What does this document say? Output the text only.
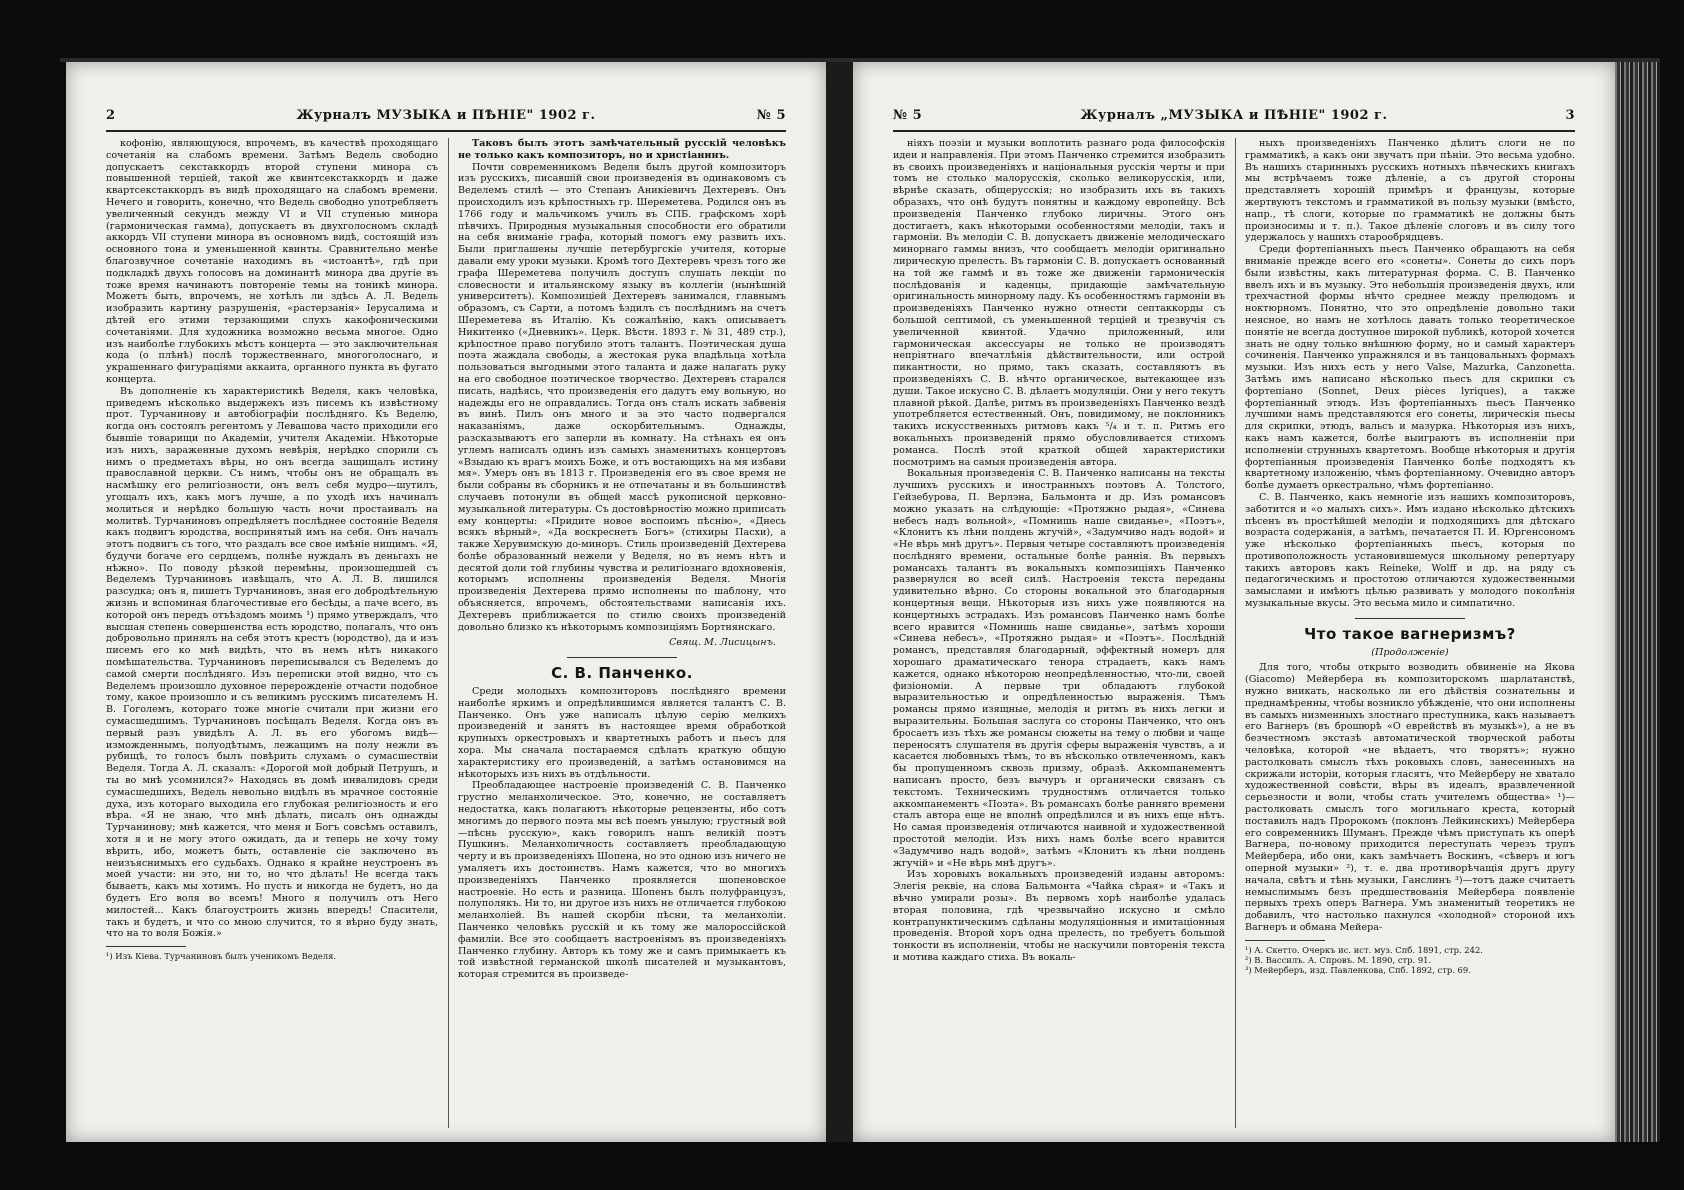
2	Журналъ МУЗЫКА и ПѢНІЕ" 1902 г.	№ 5

кофонію, являющуюся, впрочемъ, въ качествѣ проходящаго сочетанія на слабомъ времени. Затѣмъ Ведель свободно допускаетъ секстаккордъ второй ступени минора съ повышенной терціей, такой же квинтсекстаккордъ и даже квартсекстаккордъ въ видѣ проходящаго на слабомъ времени. Нечего и говорить, конечно, что Ведель свободно употребляетъ увеличенный секундъ между VI и VII ступенью минора (гармоническая гамма), допускаетъ въ двухголосномъ складѣ аккордъ VII ступени минора въ основномъ видѣ, состоящій изъ основного тона и уменьшенной квинты. Сравнительно менѣе благозвучное сочетаніе находимъ въ «истоантѣ», гдѣ при подкладкѣ двухъ голосовъ на доминантѣ минора два другіе въ тоже время начинаютъ повтореніе темы на тоникѣ минора. Можетъ быть, впрочемъ, не хотѣлъ ли здѣсь А. Л. Ведель изобразить картину разрушенія, «растерзанія» Іерусалима и дѣтей его этими терзающими слухъ какофоническими сочетаніями. Для художника возможно весьма многое. Одно изъ наиболѣе глубокихъ мѣстъ концерта — это заключительная кода (о плѣнѣ) послѣ торжественнаго, многоголоснаго, и украшеннаго фигураціями аккаита, органного пункта въ фугато концерта.

Въ дополненіе къ характеристикѣ Веделя, какъ человѣка, приведемъ нѣсколько выдержекъ изъ писемъ къ извѣстному прот. Турчанинову и автобіографіи послѣдняго. Къ Веделю, когда онъ состоялъ регентомъ у Левашова часто приходили его бывшіе товарищи по Академіи, учителя Академіи. Нѣкоторые изъ нихъ, зараженные духомъ невѣрія, нерѣдко спорили съ нимъ о предметахъ вѣры, но онъ всегда защищалъ истину православной церкви. Съ нимъ, чтобы онъ не обращалъ въ насмѣшку его религіозности, онъ велъ себя мудро—шутилъ, угощалъ ихъ, какъ могъ лучше, а по уходѣ ихъ начиналъ молиться и нерѣдко большую часть ночи простаивалъ на молитвѣ. Турчаниновъ опредѣляетъ послѣднее состояніе Веделя какъ подвигъ юродства, воспринятый имъ на себя. Онъ началъ этотъ подвигъ съ того, что раздалъ все свое имѣніе нищимъ. «Я, будучи богаче его сердцемъ, полнѣе нуждалъ въ деньгахъ не нѣжно». По поводу рѣзкой перемѣны, произошедшей съ Веделемъ Турчаниновъ извѣщалъ, что А. Л. В. лишился разсудка; онъ я, пишетъ Турчаниновъ, зная его добродѣтельную жизнь и вспоминая благочестивые его бесѣды, а паче всего, въ которой онъ передъ отъѣздомъ моимъ ¹) прямо утверждалъ, что высшая степень совершенства есть юродство, полагалъ, что онъ добровольно принялъ на себя этотъ крестъ (юродство), да и изъ писемъ его ко мнѣ видѣть, что въ немъ нѣтъ никакого помѣшательства. Турчаниновъ переписывался съ Веделемъ до самой смерти послѣдняго. Изъ переписки этой видно, что съ Веделемъ произошло духовное перерожденіе отчасти подобное тому, какое произошло и съ великимъ русскимъ писателемъ Н. В. Гоголемъ, котораго тоже многіе считали при жизни его сумасшедшимъ. Турчаниновъ посѣщалъ Веделя. Когда онъ въ первый разъ увидѣлъ А. Л. въ его убогомъ видѣ—изможденнымъ, полуодѣтымъ, лежащимъ на полу нежли въ рубищѣ, то голосъ былъ повѣрить слухамъ о сумасшествіи Веделя. Тогда А. Л. сказалъ: «Дорогой мой добрый Петрушъ, и ты во мнѣ усомнился?» Находясь въ домѣ инвалидовъ среди сумасшедшихъ, Ведель невольно видѣлъ въ мрачное состояніе духа, изъ котораго выходила его глубокая религіозность и его вѣра. «Я не знаю, что мнѣ дѣлать, писалъ онъ однажды Турчанинову; мнѣ кажется, что меня и Богъ совсѣмъ оставилъ, хотя я и не могу этого ожидать, да и теперь не хочу тому вѣрить, ибо, можетъ быть, оставленіе сіе заключено въ неизъяснимыхъ его судьбахъ. Однако я крайне неустроенъ въ моей участи: ни это, ни то, но что дѣлать! Не всегда такъ бываетъ, какъ мы хотимъ. Но пусть и никогда не будетъ, но да будетъ Его воля во всемъ! Много я получилъ отъ Него милостей... Какъ благоустроить жизнь впередъ! Спасители, такъ и будетъ, и что со мною случится, то я вѣрно буду знать, что на то воля Божія.»

¹) Изъ Кіева. Турчаниновъ былъ ученикомъ Веделя.

Таковъ былъ этотъ замѣчательный русскій человѣкъ не только какъ композиторъ, но и христіанинъ.

Почти современникомъ Веделя былъ другой композиторъ изъ русскихъ, писавшій свои произведенія въ одинаковомъ съ Веделемъ стилѣ — это Степанъ Аникіевичъ Дехтеревъ. Онъ происходилъ изъ крѣпостныхъ гр. Шереметева. Родился онъ въ 1766 году и мальчикомъ училъ въ СПБ. графскомъ хорѣ пѣвчихъ. Природныя музыкальныя способности его обратили на себя вниманіе графа, который помогъ ему развить ихъ. Были приглашены лучшіе петербургскіе учителя, которые давали ему уроки музыки. Кромѣ того Дехтеревъ чрезъ того же графа Шереметева получилъ доступъ слушать лекціи по словесности и итальянскому языку въ коллегіи (нынѣшній университетъ). Композиціей Дехтеревъ занимался, главнымъ образомъ, съ Сарти, а потомъ ѣздилъ съ послѣднимъ на счетъ Шереметева въ Италію. Къ сожалѣнію, какъ описываетъ Никитенко («Дневникъ». Церк. Вѣстн. 1893 г. № 31, 489 стр.), крѣпостное право погубило этотъ талантъ. Поэтическая душа поэта жаждала свободы, а жестокая рука владѣльца хотѣла пользоваться выгодными этого таланта и даже налагать руку на его свободное поэтическое творчество. Дехтеревъ старался писать, надѣясь, что произведенія его дадутъ ему вольную, но надежды его не оправдались. Тогда онъ сталъ искать забвенія въ винѣ. Пилъ онъ много и за это часто подвергался наказаніямъ, даже оскорбительнымъ. Однажды, разсказываютъ его заперли въ комнату. На стѣнахъ ея онъ углемъ написалъ одинъ изъ самыхъ знаменитыхъ концертовъ «Взыдаю къ врагъ моихъ Боже, и отъ востающихъ на мя избави мя». Умеръ онъ въ 1813 г. Произведенія его въ свое время не были собраны въ сборникъ и не отпечатаны и въ большинствѣ случаевъ потонули въ общей массѣ рукописной церковно-музыкальной литературы. Съ достовѣрностію можно приписать ему концерты: «Придите новое воспоимъ пѣснію», «Днесь всякъ вѣрный», «Да воскреснетъ Богъ» (стихиры Пасхи), а также Херувимскую до-миноръ. Стиль произведеній Дехтерева болѣе образованный нежели у Веделя, но въ немъ нѣтъ и десятой доли той глубины чувства и религіознаго вдохновенія, которымъ исполнены произведенія Веделя. Многія произведенія Дехтерева прямо исполнены по шаблону, что объясняется, впрочемъ, обстоятельствами написанія ихъ. Дехтеревъ приближается по стилю своихъ произведеній довольно близко къ нѣкоторымъ композиціямъ Бортнянскаго.

Свящ. М. Лисицынъ.
С. В. Панченко.

Среди молодыхъ композиторовъ послѣдняго времени наиболѣе яркимъ и опредѣлившимся является талантъ С. В. Панченко. Онъ уже написалъ цѣлую серію мелкихъ произведеній и занятъ въ настоящее время обработкой крупныхъ оркестровыхъ и квартетныхъ работъ и пьесъ для хора. Мы сначала постараемся сдѣлать краткую общую характеристику его произведеній, а затѣмъ остановимся на нѣкоторыхъ изъ нихъ въ отдѣльности.

Преобладающее настроеніе произведеній С. В. Панченко грустно меланхолическое. Это, конечно, не составляетъ недостатка, какъ полагаютъ нѣкоторые рецензенты, ибо сотъ многимъ до первого поэта мы всѣ поемъ унылую; грустный вой—пѣснь русскую», какъ говорилъ нашъ великій поэтъ Пушкинъ. Меланхоличность составляетъ преобладающую черту и въ произведеніяхъ Шопена, но это одною изъ ничего не умаляетъ ихъ достоинствъ. Намъ кажется, что во многихъ произведеніяхъ Панченко проявляется шопеновское настроеніе. Но есть и разница. Шопенъ былъ полуфранцузъ, полуполякъ. Ни то, ни другое изъ нихъ не отличается глубокою меланхоліей. Въ нашей скорбіи пѣсни, та меланхоліи. Панченко человѣкъ русскій и къ тому же малороссійской фамиліи. Все это сообщаетъ настроеніямъ въ произведеніяхъ Панченко глубину. Авторъ къ тому же и самъ примыкаетъ къ той извѣстной германской школѣ писателей и музыкантовъ, которая стремится въ произведе-

№ 5	Журналъ „МУЗЫКА и ПѢНІЕ" 1902 г.	3

ніяхъ поэзіи и музыки воплотить разнаго рода философскія идеи и направленія. При этомъ Панченко стремится изобразить въ своихъ произведеніяхъ и національныя русскія черты и при томъ не столько малорусскія, сколько великорусскія, или, вѣрнѣе сказать, общерусскія; но изобразить ихъ въ такихъ образахъ, что онѣ будутъ понятны и каждому европейцу. Всѣ произведенія Панченко глубоко лиричны. Этого онъ достигаетъ, какъ нѣкоторыми особенностями мелодіи, такъ и гармоніи. Въ мелодіи С. В. допускаетъ движеніе мелодическаго минорнаго гаммы внизъ, что сообщаетъ мелодіи оригинально лирическую прелесть. Въ гармоніи С. В. допускаетъ основанный на той же гаммѣ и въ тоже же движеніи гармоническія послѣдованія и каденцы, придающіе замѣчательную оригинальность минорному ладу. Къ особенностямъ гармоніи въ произведеніяхъ Панченко нужно отнести септаккорды съ большой септимой, съ уменьшенной терціей и трезвучія съ увеличенной квинтой. Удачно приложенный, или гармоническая аксессуары не только не производятъ непріятнаго впечатлѣнія дѣйствительности, или острой пикантности, но прямо, такъ сказать, составляютъ въ произведеніяхъ С. В. нѣчто органическое, вытекающее изъ души. Такое искусно С. В. дѣлаетъ модуляціи. Они у него текутъ плавной рѣкой. Далѣе, ритмъ въ произведеніяхъ Панченко вездѣ употребляется естественный. Онъ, повидимому, не поклонникъ такихъ искусственныхъ ритмовъ какъ ⁵/₄ и т. п. Ритмъ его вокальныхъ произведеній прямо обусловливается стихомъ романса. Послѣ этой краткой общей характеристики посмотримъ на самыя произведенія автора.

Вокальныя произведенія С. В. Панченко написаны на тексты лучшихъ русскихъ и иностранныхъ поэтовъ А. Толстого, Гейзебурова, П. Верлэна, Бальмонта и др. Изъ романсовъ можно указать на слѣдующіе: «Протяжно рыдая», «Синева небесъ надъ вольной», «Помнишь наше свиданье», «Поэтъ», «Клонитъ къ лѣни полдень жгучій», «Задумчиво надъ водой» и «Не вѣрь мнѣ другъ». Первыя четыре составляютъ произведенія послѣдняго времени, остальные болѣе раннія. Въ первыхъ романсахъ талантъ въ вокальныхъ композиціяхъ Панченко развернулся во всей силѣ. Настроенія текста переданы удивительно вѣрно. Со стороны вокальной это благодарныя концертныя вещи. Нѣкоторыя изъ нихъ уже появляются на концертныхъ эстрадахъ. Изъ романсовъ Панченко намъ болѣе всего нравится «Помнишь наше свиданье», затѣмъ хороши «Синева небесъ», «Протяжно рыдая» и «Поэтъ». Послѣдній романсъ, представляя благодарный, эффектный номеръ для хорошаго драматическаго тенора страдаетъ, какъ намъ кажется, однако нѣкоторою неопредѣленностью, что-ли, своей физіономіи. А первые три обладаютъ глубокой выразительностью и опредѣленностью выраженія. Тѣмъ романсы прямо изящные, мелодія и ритмъ въ нихъ легки и выразительны. Большая заслуга со стороны Панченко, что онъ бросаетъ изъ тѣхъ же романсы сюжеты на тему о любви и чаще переносятъ слушателя въ другія сферы выраженія чувствъ, а и касается любовныхъ тѣмъ, то въ нѣсколько отвлеченномъ, какъ бы пропущенномъ сквозь призму, образѣ. Аккомпанементъ написанъ просто, безъ вычуръ и органически связанъ съ текстомъ. Техническимъ трудностямъ отличается только аккомпанементъ «Поэта». Въ романсахъ болѣе ранняго времени сталъ автора еще не вполнѣ опредѣлился и въ нихъ еще нѣтъ. Но самая произведенія отличаются наивной и художественной простотой мелодіи. Изъ нихъ намъ болѣе всего нравится «Задумчиво надъ водой», затѣмъ «Клонитъ къ лѣни полдень жгучій» и «Не вѣрь мнѣ другъ».

Изъ хоровыхъ вокальныхъ произведеній изданы авторомъ: Элегія реквіе, на слова Бальмонта «Чайка сѣрая» и «Такъ и вѣчно умирали розы». Въ первомъ хорѣ наиболѣе удалась вторая половина, гдѣ чрезвычайно искусно и смѣло контрапунктическимъ сдѣланы модуляціонныя и имитаціонныя проведенія. Второй хоръ одна прелесть, по требуетъ большой тонкости въ исполненіи, чтобы не наскучили повторенія текста и мотива каждаго стиха. Въ вокаль-

ныхъ произведеніяхъ Панченко дѣлитъ слоги не по грамматикѣ, а какъ они звучатъ при пѣніи. Это весьма удобно. Въ нашихъ старинныхъ русскихъ нотныхъ пѣвческихъ книгахъ мы встрѣчаемъ тоже дѣленіе, а съ другой стороны представляетъ хорошій примѣръ и французы, которые жертвуютъ текстомъ и грамматикой въ пользу музыки (вмѣсто, напр., тѣ слоги, которые по грамматикѣ не должны быть произносимы и т. п.). Такое дѣленіе слоговъ и въ силу того удержалось у нашихъ старообрядцевъ.

Среди фортепіанныхъ пьесъ Панченко обращаютъ на себя вниманіе прежде всего его «сонеты». Сонеты до сихъ поръ были извѣстны, какъ литературная форма. С. В. Панченко ввелъ ихъ и въ музыку. Это небольшія произведенія двухъ, или трехчастной формы нѣчто среднее между прелюдомъ и ноктюрномъ. Понятно, что это опредѣленіе довольно таки неясное, но намъ не хотѣлось давать только теоретическое понятіе не всегда доступное широкой публикѣ, которой хочется знать не одну только внѣшнюю форму, но и самый характеръ сочиненія. Панченко упражнялся и въ танцовальныхъ формахъ музыки. Изъ нихъ есть у него Valse, Mazurka, Canzonetta. Затѣмъ имъ написано нѣсколько пьесъ для скрипки съ фортепіано (Sonnet, Deux pièces lyriques), а также фортепіанный этюдъ. Изъ фортепіанныхъ пьесъ Панченко лучшими намъ представляются его сонеты, лирическія пьесы для скрипки, этюдъ, вальсъ и мазурка. Нѣкоторыя изъ нихъ, какъ намъ кажется, болѣе выиграютъ въ исполненіи при исполненіи струнныхъ квартетомъ. Вообще нѣкоторыя и другія фортепіанныя произведенія Панченко болѣе подходятъ къ квартетному изложенію, чѣмъ фортепіанному. Очевидно авторъ болѣе думаетъ оркестрально, чѣмъ фортепіанно.

С. В. Панченко, какъ немногіе изъ нашихъ композиторовъ, заботится и «о малыхъ сихъ». Имъ издано нѣсколько дѣтскихъ пѣсенъ въ простѣйшей мелодіи и подходящихъ для дѣтскаго возраста содержанія, а затѣмъ, печатается П. И. Юргенсономъ уже нѣсколько фортепіанныхъ пьесъ, которыя по противоположность установившемуся школьному репертуару такихъ авторовъ какъ Reineke, Wolff и др. на ряду съ педагогическимъ и простотою отличаются художественными замыслами и имѣютъ цѣлью развивать у молодого поколѣнія музыкальные вкусы. Это весьма мило и симпатично.

Что такое вагнеризмъ?
(Продолженіе)

Для того, чтобы открыто возводить обвиненіе на Якова (Giacomo) Мейербера въ композиторскомъ шарлатанствѣ, нужно вникать, насколько ли его дѣйствія сознательны и преднамѣренны, чтобы возникло убѣжденіе, что они исполнены въ самыхъ низменныхъ злостнаго преступника, какъ называетъ его Вагнеръ (въ брошюрѣ «О еврействѣ въ музыкѣ»), а не въ безчестномъ экстазѣ автоматической творческой работы человѣка, которой «не вѣдаетъ, что творятъ»; нужно растолковать смыслъ тѣхъ роковыхъ словъ, занесенныхъ на скрижали исторіи, которыя гласятъ, что Мейерберу не хватало художественной совѣсти, вѣры въ идеалъ, вразвлеченной серьезности и воли, чтобы стать учителемъ общества» ¹)—растолковать смыслъ того могильнаго креста, который поставилъ надъ Пророкомъ (поклонъ Лейкинскихъ) Мейербера его современникъ Шуманъ. Прежде чѣмъ приступать къ оперѣ Вагнера, по-новому приходится переступать черезъ трупъ Мейербера, ибо они, какъ замѣчаетъ Воскинъ, «сѣверъ и югъ оперной музыки» ²), т. е. два противорѣчащія другъ другу начала, свѣтъ и тѣнь музыки, Ганслинъ ³)—тотъ даже считаетъ немыслимымъ безъ предшествованія Мейербера появленіе первыхъ трехъ оперъ Вагнера. Умъ знаменитый теоретикъ не добавилъ, что настолько пахнулся «холодной» стороной ихъ Вагнеръ и обмана Мейера-

¹) А. Скетто. Очеркъ ис. ист. муз. Спб. 1891, стр. 242.
²) В. Вассилъ. А. Спровъ. М. 1890, стр. 91.
³) Мейерберъ, изд. Павленкова, Спб. 1892, стр. 69.
